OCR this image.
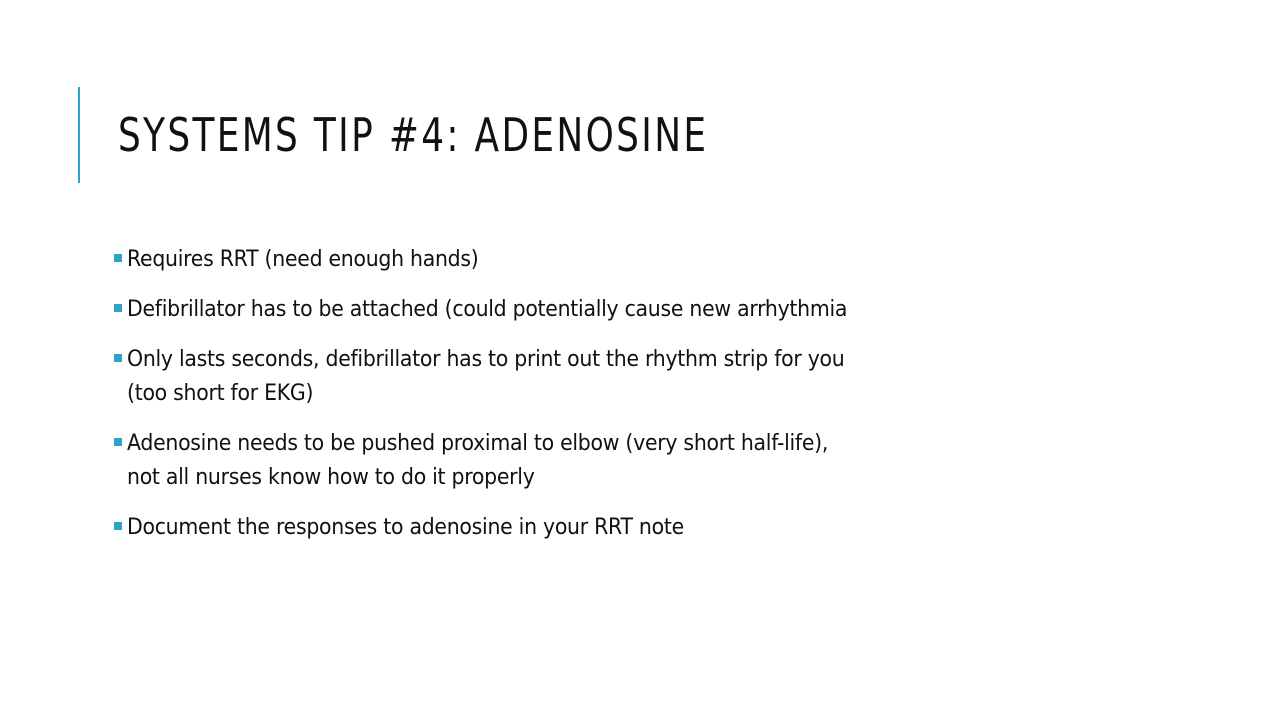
SYSTEMS TIP #4: ADENOSINE
Requires RRT (need enough hands)
Defibrillator has to be attached (could potentially cause new arrhythmia
Only lasts seconds, defibrillator has to print out the rhythm strip for you
(too short for EKG)
Adenosine needs to be pushed proximal to elbow (very short half-life),
not all nurses know how to do it properly
Document the responses to adenosine in your RRT note
